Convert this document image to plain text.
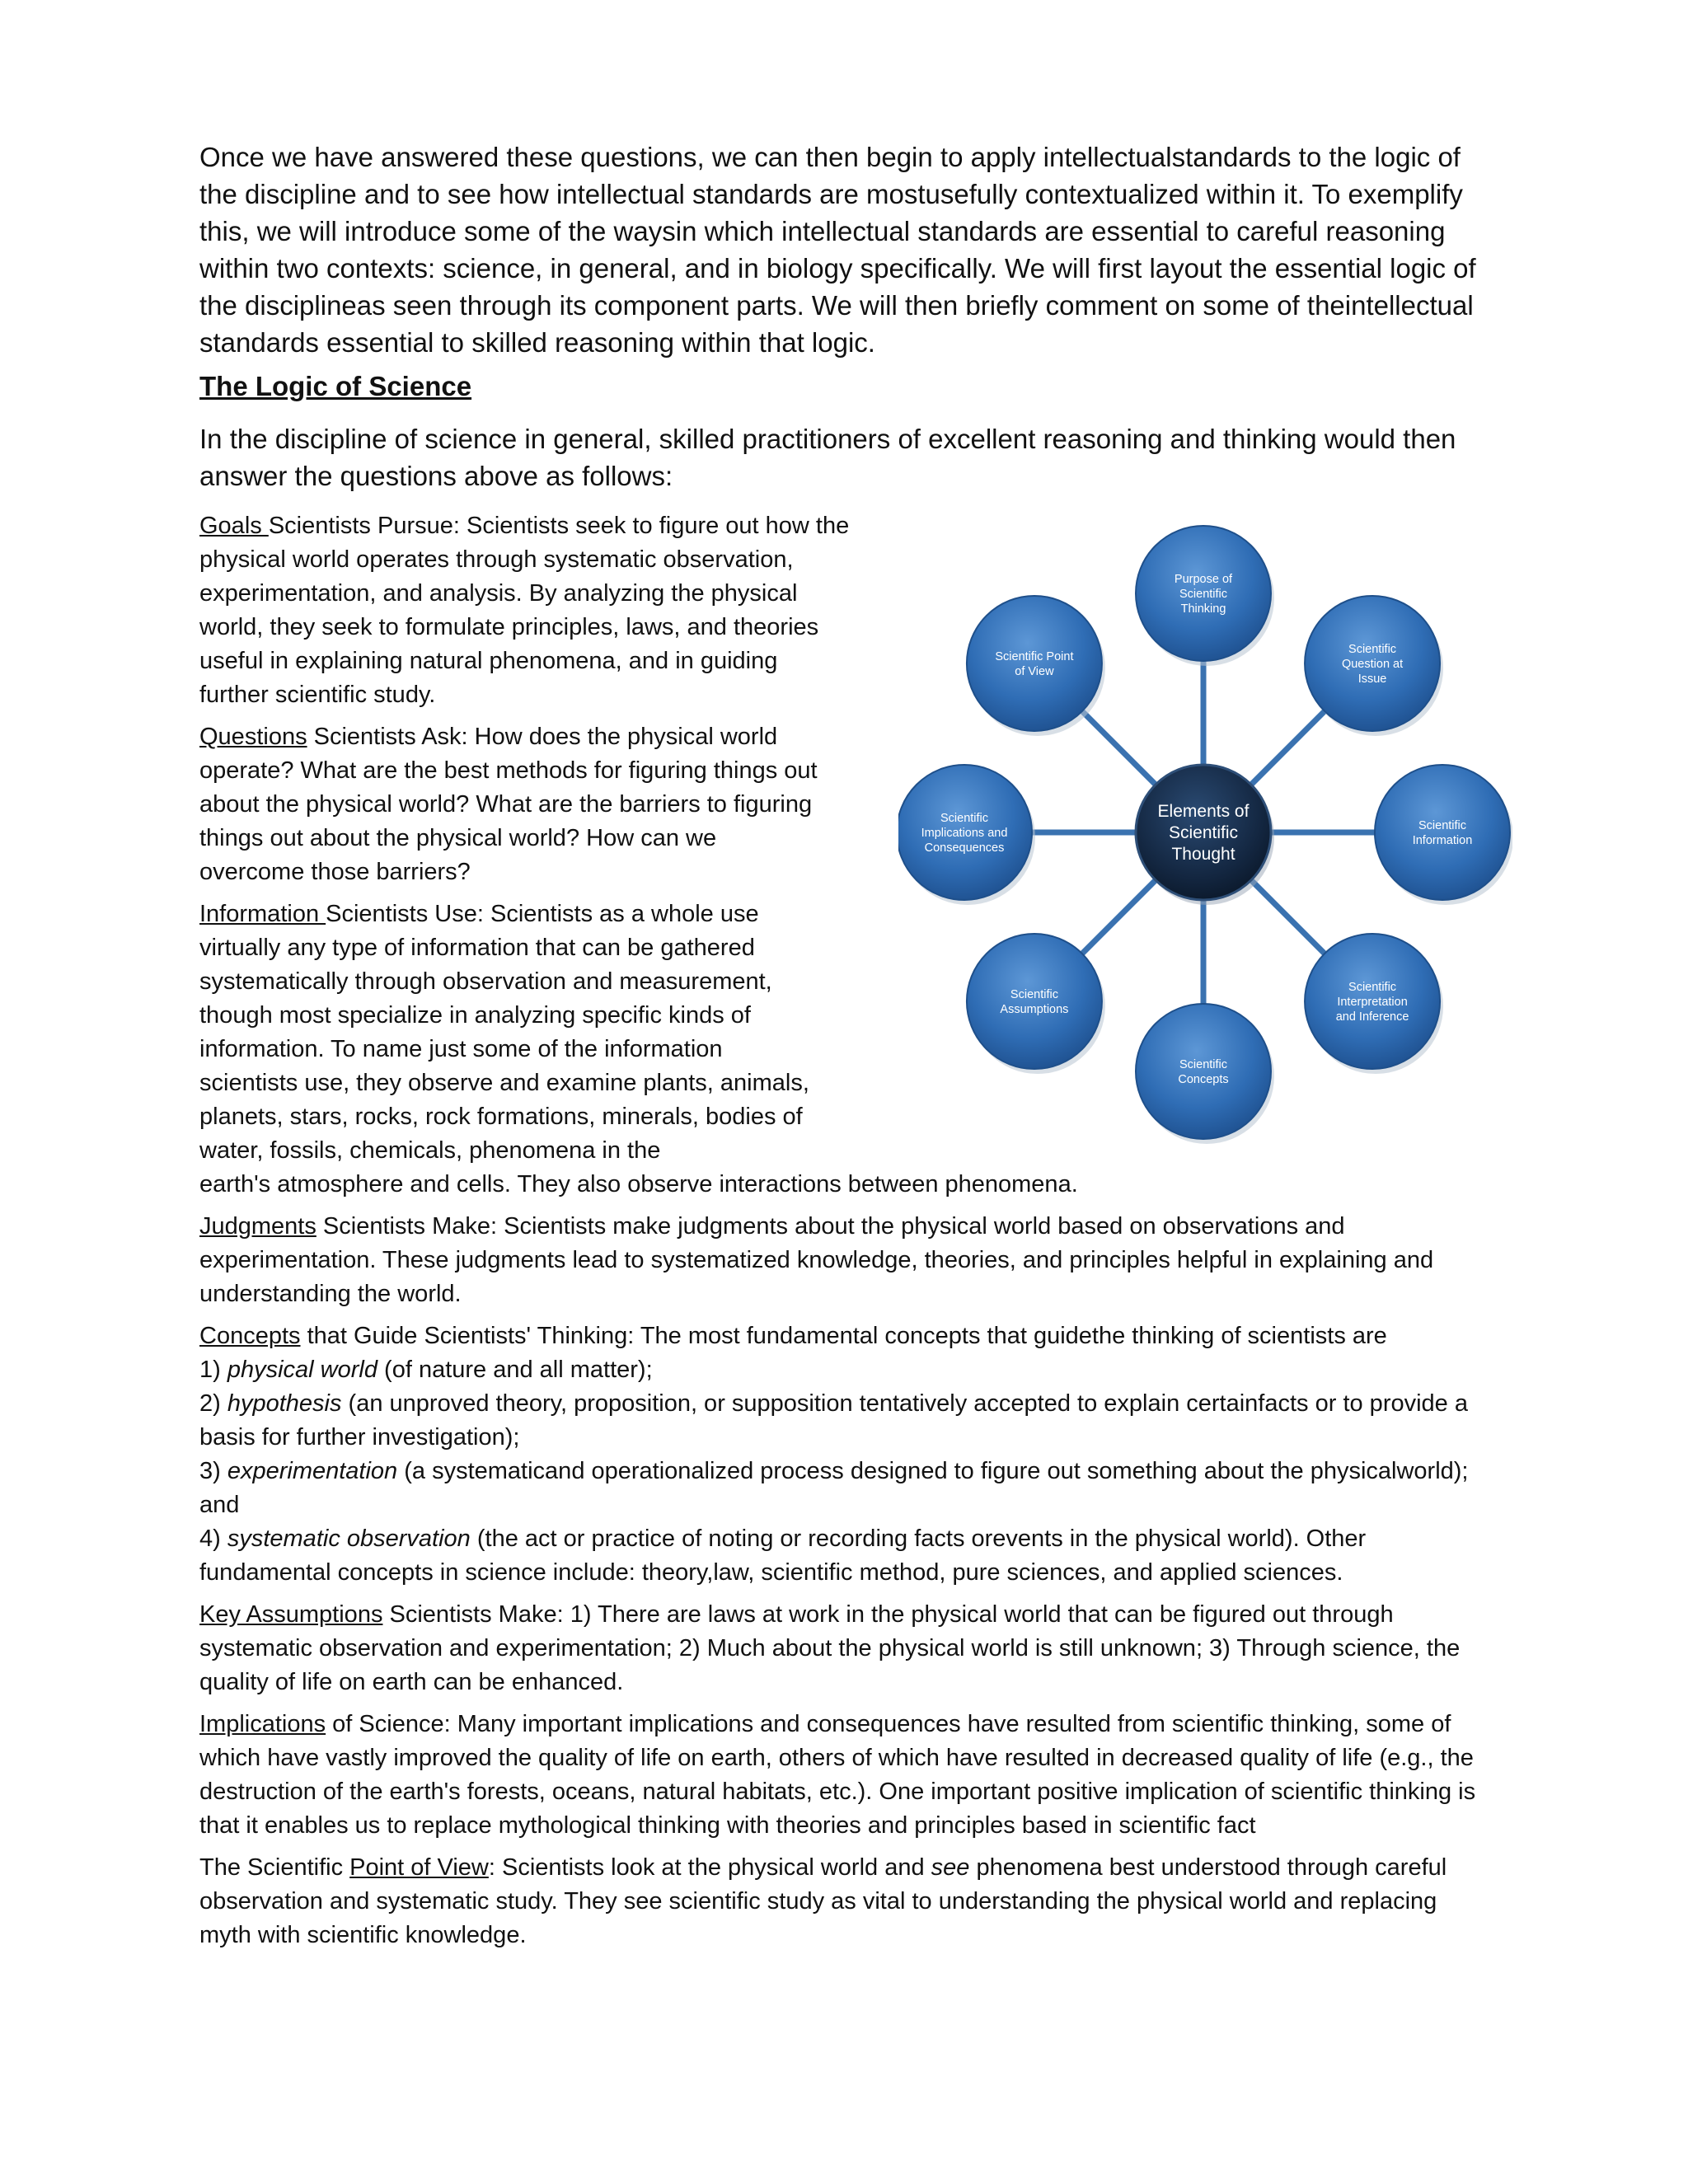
Once we have answered these questions, we can then begin to apply intellectualstandards to the logic of the discipline and to see how intellectual standards are mostusefully contextualized within it. To exemplify this, we will introduce some of the waysin which intellectual standards are essential to careful reasoning within two contexts: science, in general, and in biology specifically. We will first layout the essential logic of the disciplineas seen through its component parts. We will then briefly comment on some of theintellectual standards essential to skilled reasoning within that logic.

The Logic of Science

In the discipline of science in general, skilled practitioners of excellent reasoning and thinking would then answer the questions above as follows:

Goals Scientists Pursue: Scientists seek to figure out how the physical world operates through systematic observation, experimentation, and analysis. By analyzing the physical world, they seek to formulate principles, laws, and theories useful in explaining natural phenomena, and in guiding further scientific study.

Questions Scientists Ask: How does the physical world operate? What are the best methods for figuring things out about the physical world? What are the barriers to figuring things out about the physical world? How can we overcome those barriers?

Information Scientists Use: Scientists as a whole use virtually any type of information that can be gathered systematically through observation and measurement, though most specialize in analyzing specific kinds of information. To name just some of the information scientists use, they observe and examine plants, animals, planets, stars, rocks, rock formations, minerals, bodies of water, fossils, chemicals, phenomena in the
earth's atmosphere and cells. They also observe interactions between phenomena.

Judgments Scientists Make: Scientists make judgments about the physical world based on observations and experimentation. These judgments lead to systematized knowledge, theories, and principles helpful in explaining and understanding the world.

Concepts that Guide Scientists' Thinking: The most fundamental concepts that guidethe thinking of scientists are
1) physical world (of nature and all matter);
2) hypothesis (an unproved theory, proposition, or supposition tentatively accepted to explain certainfacts or to provide a basis for further investigation);
3) experimentation (a systematicand operationalized process designed to figure out something about the physicalworld); and
4) systematic observation (the act or practice of noting or recording facts orevents in the physical world). Other fundamental concepts in science include: theory,law, scientific method, pure sciences, and applied sciences.

Key Assumptions Scientists Make: 1) There are laws at work in the physical world that can be figured out through systematic observation and experimentation; 2) Much about the physical world is still unknown; 3) Through science, the quality of life on earth can be enhanced.

Implications of Science: Many important implications and consequences have resulted from scientific thinking, some of which have vastly improved the quality of life on earth, others of which have resulted in decreased quality of life (e.g., the destruction of the earth's forests, oceans, natural habitats, etc.). One important positive implication of scientific thinking is that it enables us to replace mythological thinking with theories and principles based in scientific fact

The Scientific Point of View: Scientists look at the physical world and see phenomena best understood through careful observation and systematic study. They see scientific study as vital to understanding the physical world and replacing myth with scientific knowledge.

Purpose of
Scientific
Thinking
Scientific
Question at
Issue
Scientific
Information
Scientific
Interpretation
and Inference
Scientific
Concepts
Scientific
Assumptions
Scientific
Implications and
Consequences
Scientific Point
of View
Elements of
Scientific
Thought
